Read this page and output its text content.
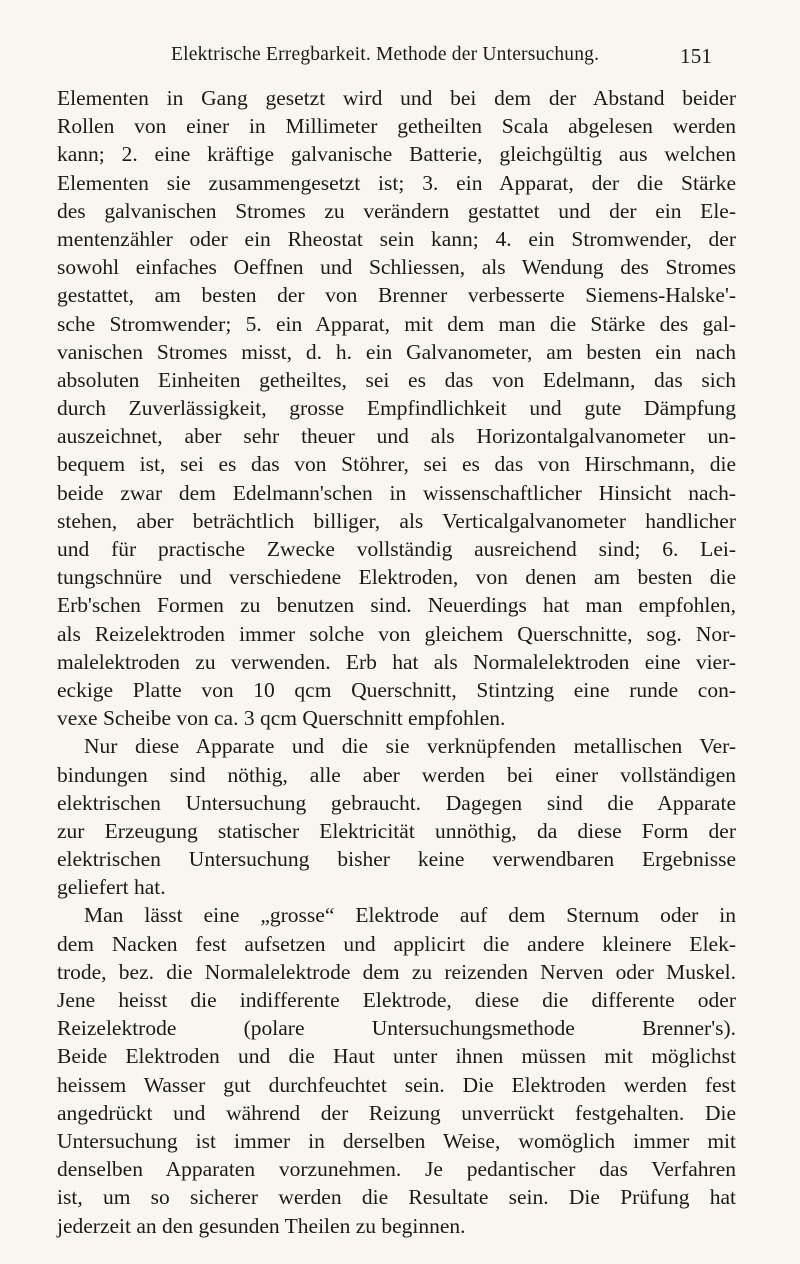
Elektrische Erregbarkeit. Methode der Untersuchung.	151
Elementen in Gang gesetzt wird und bei dem der Abstand beider
Rollen von einer in Millimeter getheilten Scala abgelesen werden
kann; 2. eine kräftige galvanische Batterie, gleichgültig aus welchen
Elementen sie zusammengesetzt ist; 3. ein Apparat, der die Stärke
des galvanischen Stromes zu verändern gestattet und der ein Ele-
mentenzähler oder ein Rheostat sein kann; 4. ein Stromwender, der
sowohl einfaches Oeffnen und Schliessen, als Wendung des Stromes
gestattet, am besten der von Brenner verbesserte Siemens-Halske'-
sche Stromwender; 5. ein Apparat, mit dem man die Stärke des gal-
vanischen Stromes misst, d. h. ein Galvanometer, am besten ein nach
absoluten Einheiten getheiltes, sei es das von Edelmann, das sich
durch Zuverlässigkeit, grosse Empfindlichkeit und gute Dämpfung
auszeichnet, aber sehr theuer und als Horizontalgalvanometer un-
bequem ist, sei es das von Stöhrer, sei es das von Hirschmann, die
beide zwar dem Edelmann'schen in wissenschaftlicher Hinsicht nach-
stehen, aber beträchtlich billiger, als Verticalgalvanometer handlicher
und für practische Zwecke vollständig ausreichend sind; 6. Lei-
tungschnüre und verschiedene Elektroden, von denen am besten die
Erb'schen Formen zu benutzen sind. Neuerdings hat man empfohlen,
als Reizelektroden immer solche von gleichem Querschnitte, sog. Nor-
malelektroden zu verwenden. Erb hat als Normalelektroden eine vier-
eckige Platte von 10 qcm Querschnitt, Stintzing eine runde con-
vexe Scheibe von ca. 3 qcm Querschnitt empfohlen.
Nur diese Apparate und die sie verknüpfenden metallischen Ver-
bindungen sind nöthig, alle aber werden bei einer vollständigen
elektrischen Untersuchung gebraucht. Dagegen sind die Apparate
zur Erzeugung statischer Elektricität unnöthig, da diese Form der
elektrischen Untersuchung bisher keine verwendbaren Ergebnisse
geliefert hat.
Man lässt eine „grosse“ Elektrode auf dem Sternum oder in
dem Nacken fest aufsetzen und applicirt die andere kleinere Elek-
trode, bez. die Normalelektrode dem zu reizenden Nerven oder Muskel.
Jene heisst die indifferente Elektrode, diese die differente oder
Reizelektrode (polare Untersuchungsmethode Brenner's).
Beide Elektroden und die Haut unter ihnen müssen mit möglichst
heissem Wasser gut durchfeuchtet sein. Die Elektroden werden fest
angedrückt und während der Reizung unverrückt festgehalten. Die
Untersuchung ist immer in derselben Weise, womöglich immer mit
denselben Apparaten vorzunehmen. Je pedantischer das Verfahren
ist, um so sicherer werden die Resultate sein. Die Prüfung hat
jederzeit an den gesunden Theilen zu beginnen.
